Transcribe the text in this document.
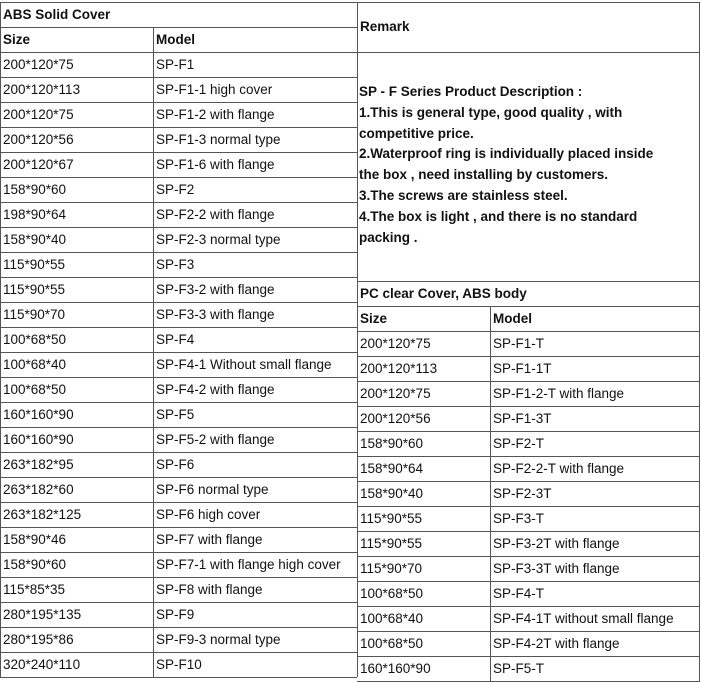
ABS Solid Cover
Size	Model
200*120*75	SP-F1
200*120*113	SP-F1-1 high cover
200*120*75	SP-F1-2 with flange
200*120*56	SP-F1-3 normal type
200*120*67	SP-F1-6 with flange
158*90*60	SP-F2
198*90*64	SP-F2-2 with flange
158*90*40	SP-F2-3 normal type
115*90*55	SP-F3
115*90*55	SP-F3-2 with flange
115*90*70	SP-F3-3 with flange
100*68*50	SP-F4
100*68*40	SP-F4-1 Without small flange
100*68*50	SP-F4-2 with flange
160*160*90	SP-F5
160*160*90	SP-F5-2 with flange
263*182*95	SP-F6
263*182*60	SP-F6 normal type
263*182*125	SP-F6 high cover
158*90*46	SP-F7 with flange
158*90*60	SP-F7-1 with flange high cover
115*85*35	SP-F8 with flange
280*195*135	SP-F9
280*195*86	SP-F9-3 normal type
320*240*110	SP-F10
Remark
SP - F Series Product Description :
1.This is general type, good quality , with
competitive price.
2.Waterproof ring is individually placed inside
the box , need installing by customers.
3.The screws are stainless steel.
4.The box is light , and there is no standard
packing .
PC clear Cover, ABS body
Size	Model
200*120*75	SP-F1-T
200*120*113	SP-F1-1T
200*120*75	SP-F1-2-T with flange
200*120*56	SP-F1-3T
158*90*60	SP-F2-T
158*90*64	SP-F2-2-T with flange
158*90*40	SP-F2-3T
115*90*55	SP-F3-T
115*90*55	SP-F3-2T with flange
115*90*70	SP-F3-3T with flange
100*68*50	SP-F4-T
100*68*40	SP-F4-1T without small flange
100*68*50	SP-F4-2T with flange
160*160*90	SP-F5-T
